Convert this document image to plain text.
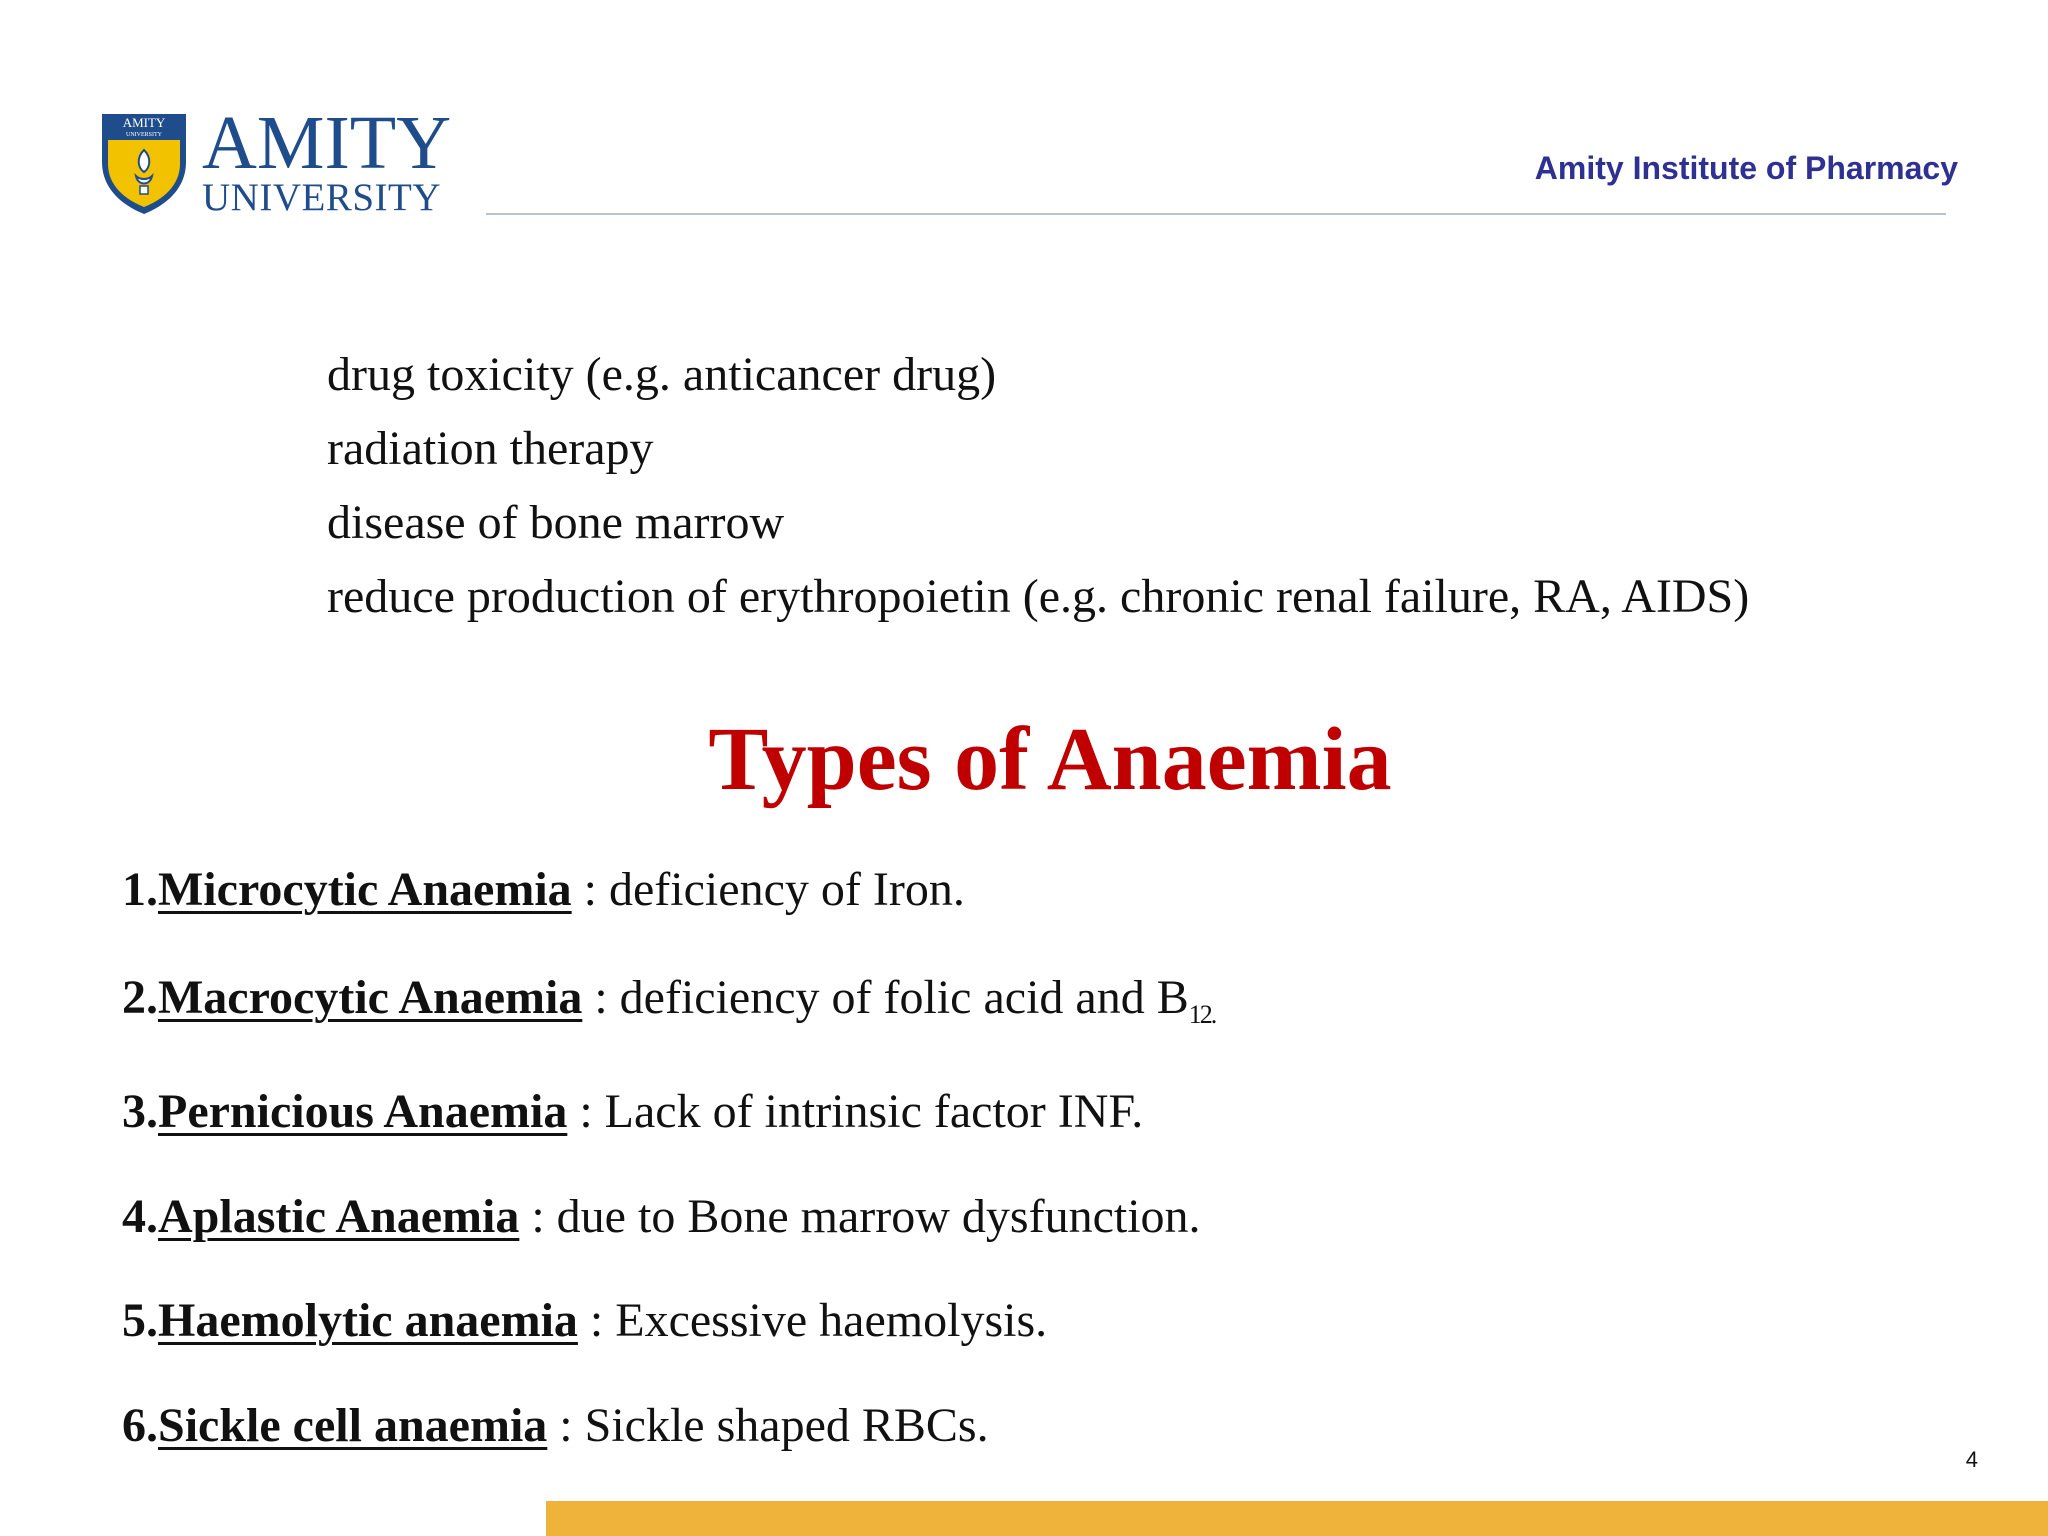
AMITY
UNIVERSITY AMITY
UNIVERSITY
Amity Institute of Pharmacy
drug toxicity (e.g. anticancer drug)
radiation therapy
disease of bone marrow
reduce production of erythropoietin (e.g. chronic renal failure, RA, AIDS)
Types of Anaemia
1.Microcytic Anaemia : deficiency of Iron.
2.Macrocytic Anaemia : deficiency of folic acid and $B_{12.}$
3.Pernicious Anaemia : Lack of intrinsic factor INF.
4.Aplastic Anaemia : due to Bone marrow dysfunction.
5.Haemolytic anaemia : Excessive haemolysis.
6.Sickle cell anaemia : Sickle shaped RBCs.
4
